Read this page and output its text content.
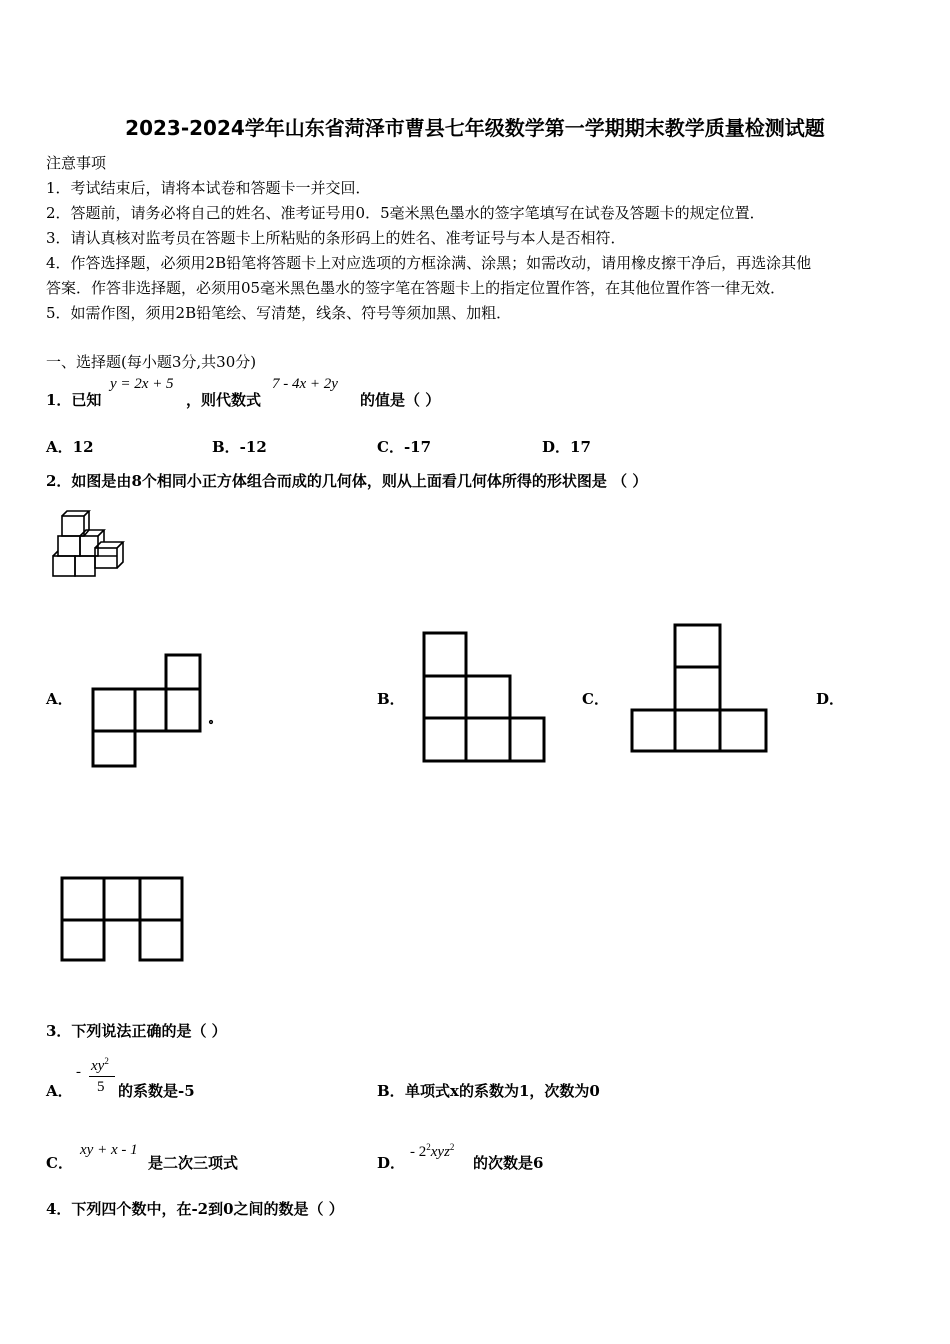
2023-2024学年山东省菏泽市曹县七年级数学第一学期期末教学质量检测试题
注意事项
1．考试结束后，请将本试卷和答题卡一并交回．
2．答题前，请务必将自己的姓名、准考证号用0．5毫米黑色墨水的签字笔填写在试卷及答题卡的规定位置．
3．请认真核对监考员在答题卡上所粘贴的条形码上的姓名、准考证号与本人是否相符．
4．作答选择题，必须用2B铅笔将答题卡上对应选项的方框涂满、涂黑；如需改动，请用橡皮擦干净后，再选涂其他
答案．作答非选择题，必须用05毫米黑色墨水的签字笔在答题卡上的指定位置作答，在其他位置作答一律无效．
5．如需作图，须用2B铅笔绘、写清楚，线条、符号等须加黑、加粗．
一、选择题(每小题3分,共30分)
1．已知
y = 2x + 5
，则代数式
7 - 4x + 2y
的值是（ ）
A．12	B．-12	C．-17	D．17
2．如图是由8个相同小正方体组合而成的几何体，则从上面看几何体所得的形状图是 （ ）
A．	B．	C．	D．
3．下列说法正确的是（ ）
A．
- $xy^2$
5 的系数是-5	B． 单项式x的系数为1，次数为0
C．
xy + x - 1
是二次三项式	D．
- $2^2xyz^2$
的次数是6
4．下列四个数中，在-2到0之间的数是（ ）
